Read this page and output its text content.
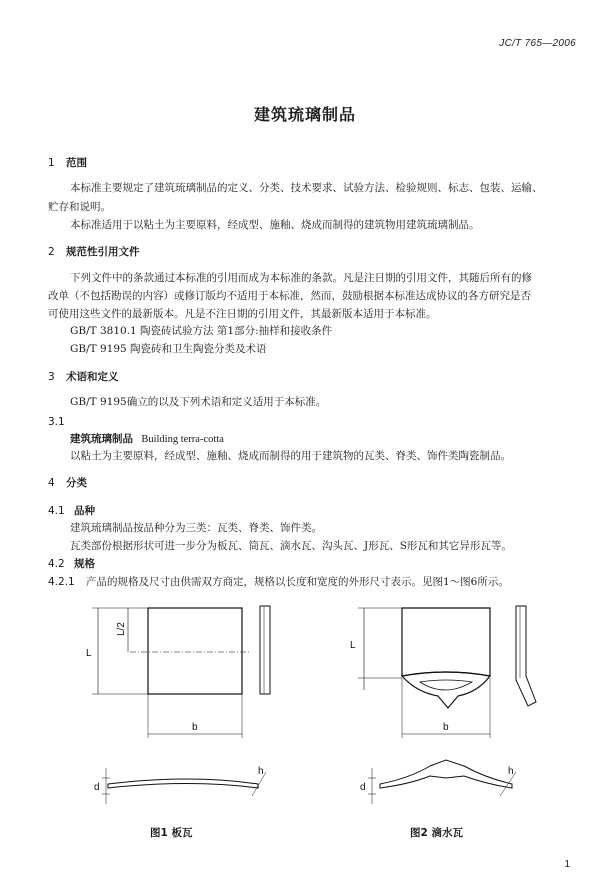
JC/T 765—2006
建筑琉璃制品
1 范围
本标准主要规定了建筑琉璃制品的定义、分类、技术要求、试验方法、检验规则、标志、包装、运输、
贮存和说明。
本标准适用于以粘土为主要原料，经成型、施釉、烧成而制得的建筑物用建筑琉璃制品。
2 规范性引用文件
下列文件中的条款通过本标准的引用而成为本标准的条款。凡是注日期的引用文件，其随后所有的修
改单（不包括勘误的内容）或修订版均不适用于本标准，然而，鼓励根据本标准达成协议的各方研究是否
可使用这些文件的最新版本。凡是不注日期的引用文件，其最新版本适用于本标准。
GB/T 3810.1 陶瓷砖试验方法 第1部分:抽样和接收条件
GB/T 9195 陶瓷砖和卫生陶瓷分类及术语
3 术语和定义
GB/T 9195确立的以及下列术语和定义适用于本标准。
3.1
建筑琉璃制品 Building terra-cotta
以粘土为主要原料，经成型、施釉、烧成而制得的用于建筑物的瓦类、脊类、饰件类陶瓷制品。
4 分类
4.1 品种
建筑琉璃制品按品种分为三类：瓦类、脊类、饰件类。
瓦类部份根据形状可进一步分为板瓦、筒瓦、滴水瓦、沟头瓦、J形瓦、S形瓦和其它异形瓦等。
4.2 规格
4.2.1 产品的规格及尺寸由供需双方商定，规格以长度和宽度的外形尺寸表示。见图1～图6所示。
L
L/2
b
d
h
图1 板瓦
L
b
d
h
图2 滴水瓦
1
